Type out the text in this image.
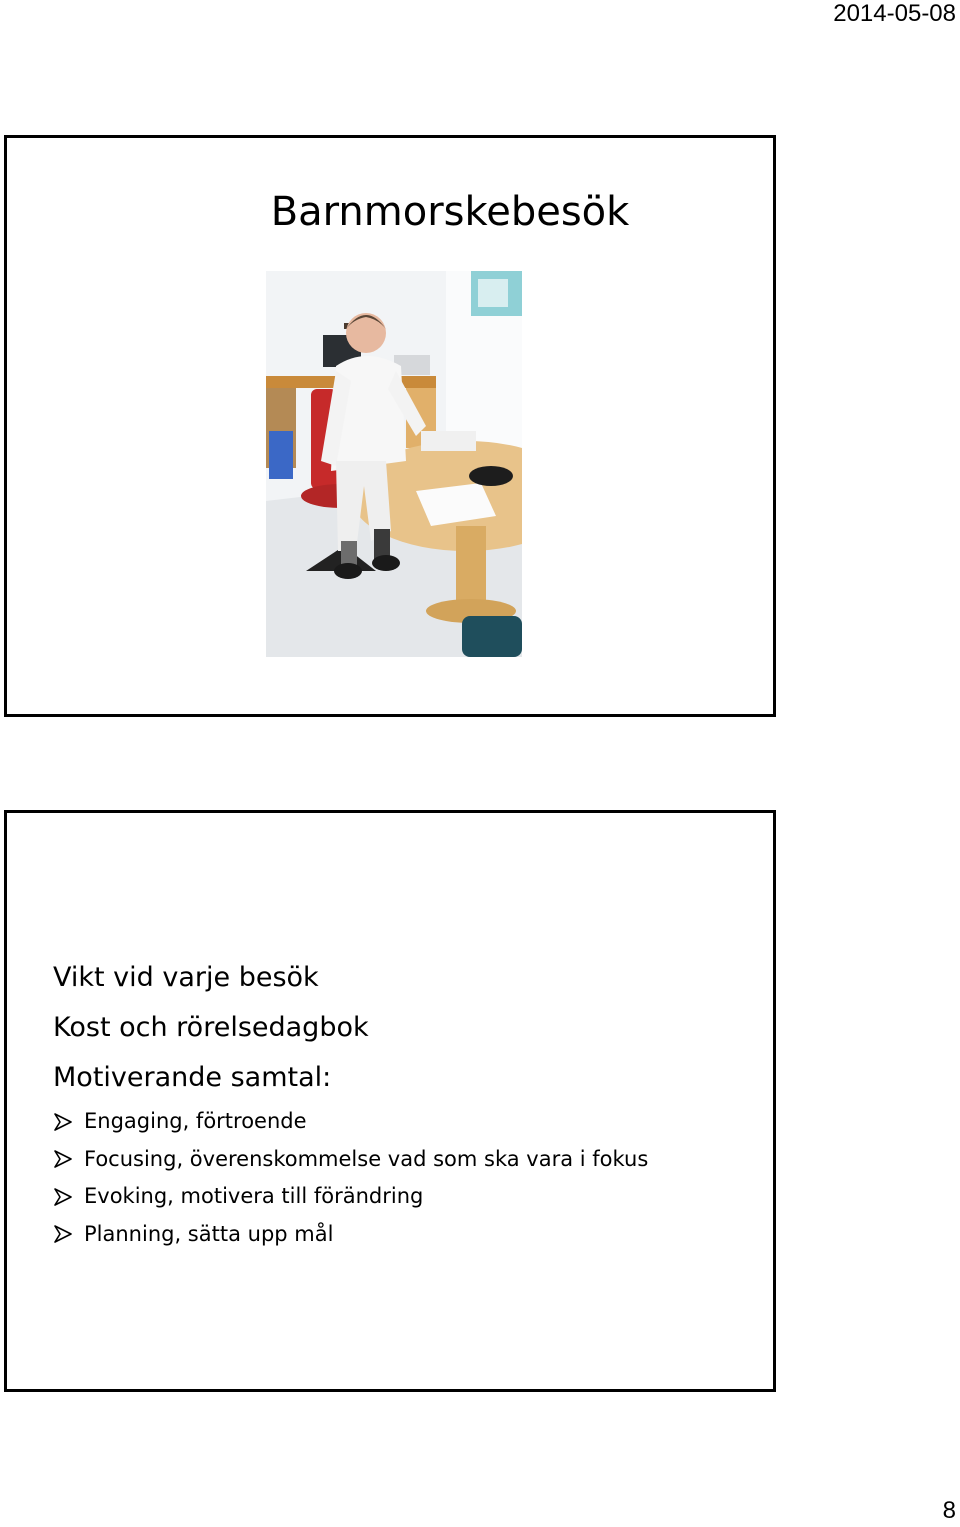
2014-05-08
Barnmorskebesök
Vikt vid varje besök
Kost och rörelsedagbok
Motiverande samtal:
Engaging, förtroende
Focusing, överenskommelse vad som ska vara i fokus
Evoking, motivera till förändring
Planning, sätta upp mål
8
